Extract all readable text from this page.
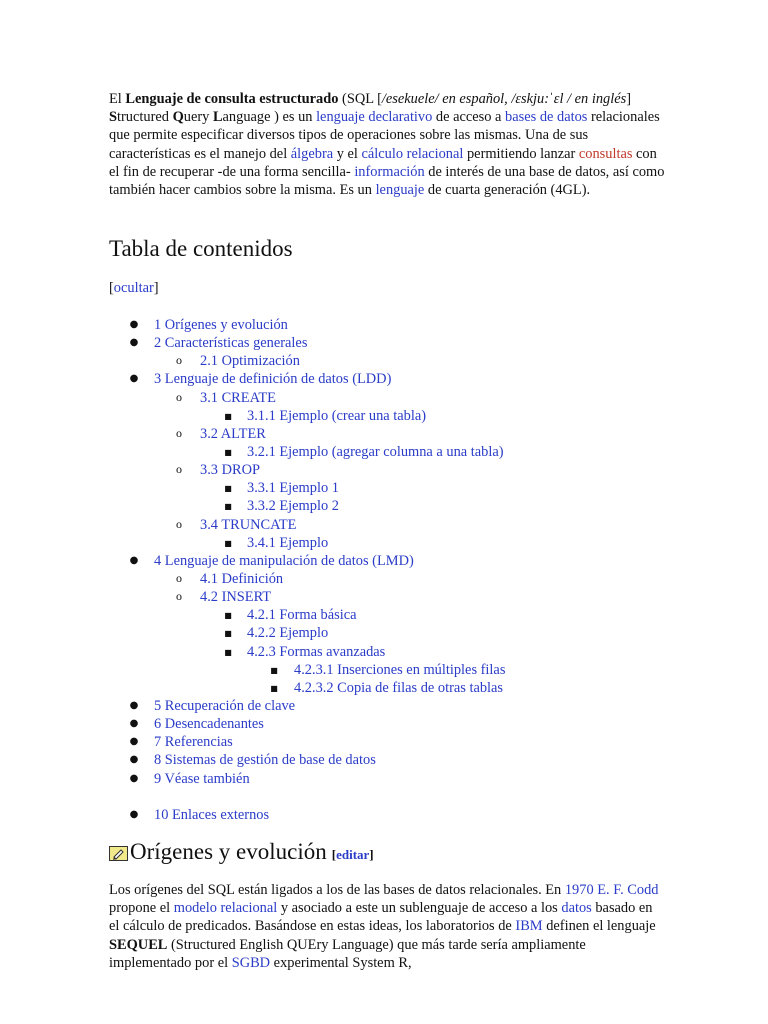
El Lenguaje de consulta estructurado (SQL [/esekuele/ en español, /ɛskju:ˈɛl / en inglés] Structured Query Language ) es un lenguaje declarativo de acceso a bases de datos relacionales que permite especificar diversos tipos de operaciones sobre las mismas. Una de sus características es el manejo del álgebra y el cálculo relacional permitiendo lanzar consultas con el fin de recuperar -de una forma sencilla- información de interés de una base de datos, así como también hacer cambios sobre la misma. Es un lenguaje de cuarta generación (4GL).

Tabla de contenidos
[ocultar]
● 1 Orígenes y evolución
● 2 Características generales
o 2.1 Optimización
● 3 Lenguaje de definición de datos (LDD)
o 3.1 CREATE
■ 3.1.1 Ejemplo (crear una tabla)
o 3.2 ALTER
■ 3.2.1 Ejemplo (agregar columna a una tabla)
o 3.3 DROP
■ 3.3.1 Ejemplo 1
■ 3.3.2 Ejemplo 2
o 3.4 TRUNCATE
■ 3.4.1 Ejemplo
● 4 Lenguaje de manipulación de datos (LMD)
o 4.1 Definición
o 4.2 INSERT
■ 4.2.1 Forma básica
■ 4.2.2 Ejemplo
■ 4.2.3 Formas avanzadas
■ 4.2.3.1 Inserciones en múltiples filas
■ 4.2.3.2 Copia de filas de otras tablas
● 5 Recuperación de clave
● 6 Desencadenantes
● 7 Referencias
● 8 Sistemas de gestión de base de datos
● 9 Véase también
● 10 Enlaces externos
Orígenes y evolución [editar]

Los orígenes del SQL están ligados a los de las bases de datos relacionales. En 1970 E. F. Codd propone el modelo relacional y asociado a este un sublenguaje de acceso a los datos basado en el cálculo de predicados. Basándose en estas ideas, los laboratorios de IBM definen el lenguaje SEQUEL (Structured English QUEry Language) que más tarde sería ampliamente implementado por el SGBD experimental System R,
